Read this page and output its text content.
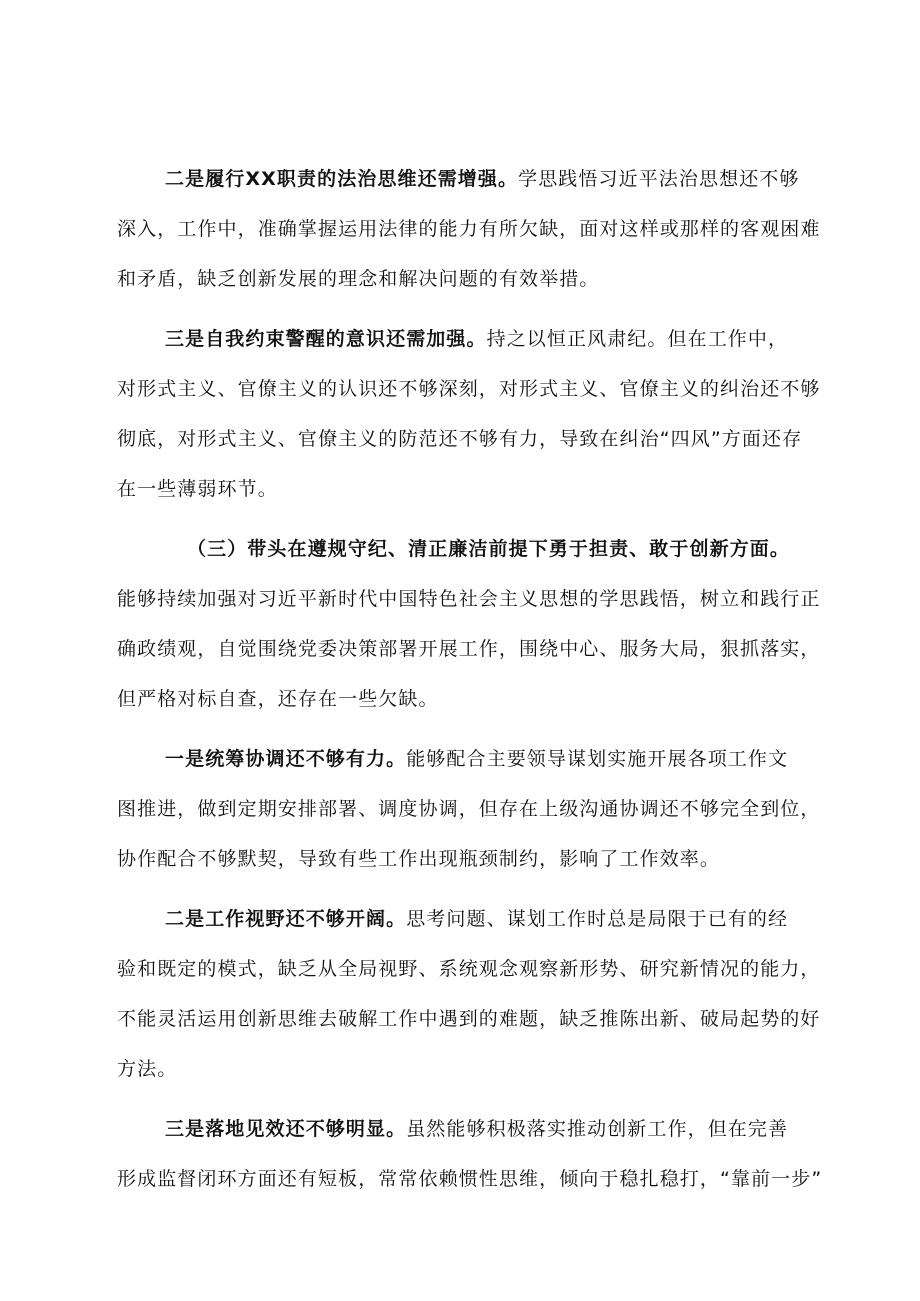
二是履行XX职责的法治思维还需增强。学思践悟习近平法治思想还不够
深入，工作中，准确掌握运用法律的能力有所欠缺，面对这样或那样的客观困难
和矛盾，缺乏创新发展的理念和解决问题的有效举措。
三是自我约束警醒的意识还需加强。持之以恒正风肃纪。但在工作中，
对形式主义、官僚主义的认识还不够深刻，对形式主义、官僚主义的纠治还不够
彻底，对形式主义、官僚主义的防范还不够有力，导致在纠治“四风”方面还存
在一些薄弱环节。
（三）带头在遵规守纪、清正廉洁前提下勇于担责、敢于创新方面。
能够持续加强对习近平新时代中国特色社会主义思想的学思践悟，树立和践行正
确政绩观，自觉围绕党委决策部署开展工作，围绕中心、服务大局，狠抓落实，
但严格对标自查，还存在一些欠缺。
一是统筹协调还不够有力。能够配合主要领导谋划实施开展各项工作文
图推进，做到定期安排部署、调度协调，但存在上级沟通协调还不够完全到位，
协作配合不够默契，导致有些工作出现瓶颈制约，影响了工作效率。
二是工作视野还不够开阔。思考问题、谋划工作时总是局限于已有的经
验和既定的模式，缺乏从全局视野、系统观念观察新形势、研究新情况的能力，
不能灵活运用创新思维去破解工作中遇到的难题，缺乏推陈出新、破局起势的好
方法。
三是落地见效还不够明显。虽然能够积极落实推动创新工作，但在完善
形成监督闭环方面还有短板，常常依赖惯性思维，倾向于稳扎稳打，“靠前一步”
